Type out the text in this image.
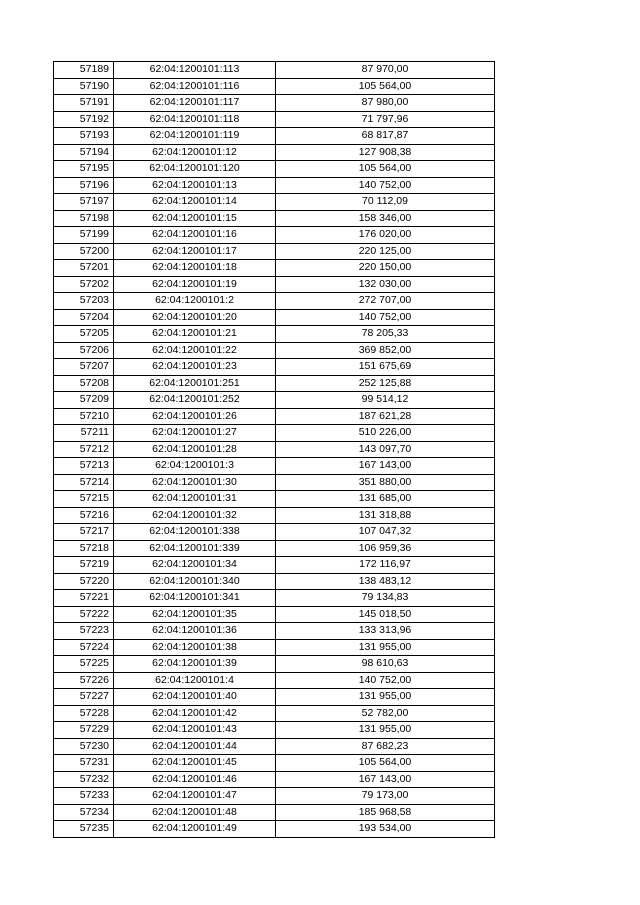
57189	62:04:1200101:113	87 970,00
57190	62:04:1200101:116	105 564,00
57191	62:04:1200101:117	87 980,00
57192	62:04:1200101:118	71 797,96
57193	62:04:1200101:119	68 817,87
57194	62:04:1200101:12	127 908,38
57195	62:04:1200101:120	105 564,00
57196	62:04:1200101:13	140 752,00
57197	62:04:1200101:14	70 112,09
57198	62:04:1200101:15	158 346,00
57199	62:04:1200101:16	176 020,00
57200	62:04:1200101:17	220 125,00
57201	62:04:1200101:18	220 150,00
57202	62:04:1200101:19	132 030,00
57203	62:04:1200101:2	272 707,00
57204	62:04:1200101:20	140 752,00
57205	62:04:1200101:21	78 205,33
57206	62:04:1200101:22	369 852,00
57207	62:04:1200101:23	151 675,69
57208	62:04:1200101:251	252 125,88
57209	62:04:1200101:252	99 514,12
57210	62:04:1200101:26	187 621,28
57211	62:04:1200101:27	510 226,00
57212	62:04:1200101:28	143 097,70
57213	62:04:1200101:3	167 143,00
57214	62:04:1200101:30	351 880,00
57215	62:04:1200101:31	131 685,00
57216	62:04:1200101:32	131 318,88
57217	62:04:1200101:338	107 047,32
57218	62:04:1200101:339	106 959,36
57219	62:04:1200101:34	172 116,97
57220	62:04:1200101:340	138 483,12
57221	62:04:1200101:341	79 134,83
57222	62:04:1200101:35	145 018,50
57223	62:04:1200101:36	133 313,96
57224	62:04:1200101:38	131 955,00
57225	62:04:1200101:39	98 610,63
57226	62:04:1200101:4	140 752,00
57227	62:04:1200101:40	131 955,00
57228	62:04:1200101:42	52 782,00
57229	62:04:1200101:43	131 955,00
57230	62:04:1200101:44	87 682,23
57231	62:04:1200101:45	105 564,00
57232	62:04:1200101:46	167 143,00
57233	62:04:1200101:47	79 173,00
57234	62:04:1200101:48	185 968,58
57235	62:04:1200101:49	193 534,00
